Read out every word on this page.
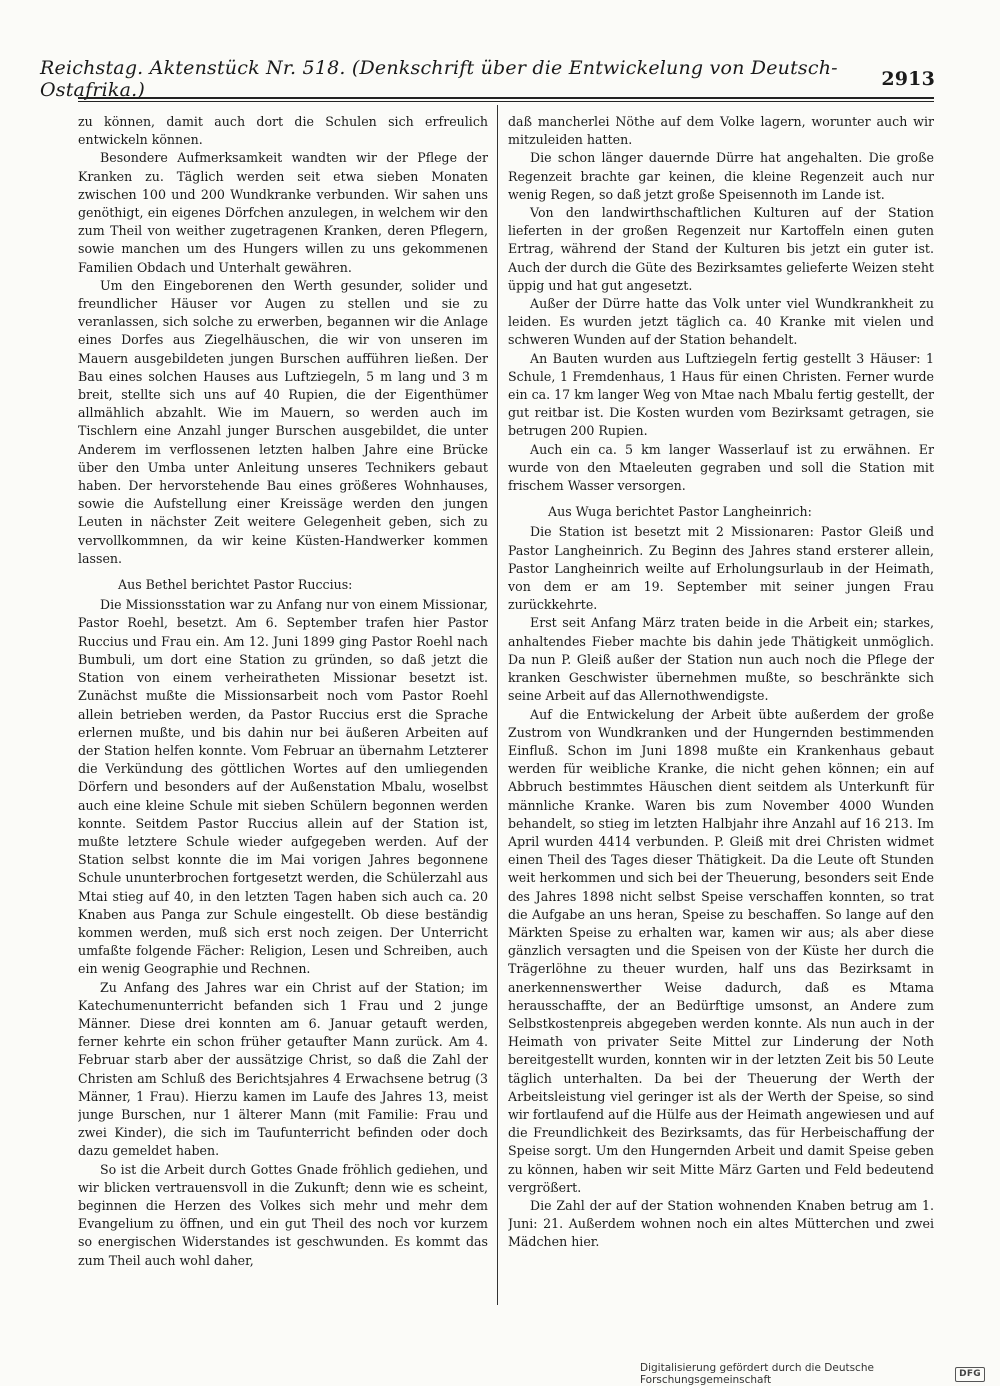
Reichstag. Aktenstück Nr. 518. (Denkschrift über die Entwickelung von Deutsch-Ostafrika.)	2913

zu können, damit auch dort die Schulen sich erfreulich entwickeln können.

Besondere Aufmerksamkeit wandten wir der Pflege der Kranken zu. Täglich werden seit etwa sieben Monaten zwischen 100 und 200 Wundkranke verbunden. Wir sahen uns genöthigt, ein eigenes Dörfchen anzulegen, in welchem wir den zum Theil von weither zugetragenen Kranken, deren Pflegern, sowie manchen um des Hungers willen zu uns gekommenen Familien Obdach und Unterhalt gewähren.

Um den Eingeborenen den Werth gesunder, solider und freundlicher Häuser vor Augen zu stellen und sie zu veranlassen, sich solche zu erwerben, begannen wir die Anlage eines Dorfes aus Ziegelhäuschen, die wir von unseren im Mauern ausgebildeten jungen Burschen aufführen ließen. Der Bau eines solchen Hauses aus Luftziegeln, 5 m lang und 3 m breit, stellte sich uns auf 40 Rupien, die der Eigenthümer allmählich abzahlt. Wie im Mauern, so werden auch im Tischlern eine Anzahl junger Burschen ausgebildet, die unter Anderem im verflossenen letzten halben Jahre eine Brücke über den Umba unter Anleitung unseres Technikers gebaut haben. Der hervorstehende Bau eines größeres Wohnhauses, sowie die Aufstellung einer Kreissäge werden den jungen Leuten in nächster Zeit weitere Gelegenheit geben, sich zu vervollkommnen, da wir keine Küsten-Handwerker kommen lassen.

Aus Bethel berichtet Pastor Ruccius:

Die Missionsstation war zu Anfang nur von einem Missionar, Pastor Roehl, besetzt. Am 6. September trafen hier Pastor Ruccius und Frau ein. Am 12. Juni 1899 ging Pastor Roehl nach Bumbuli, um dort eine Station zu gründen, so daß jetzt die Station von einem verheiratheten Missionar besetzt ist. Zunächst mußte die Missionsarbeit noch vom Pastor Roehl allein betrieben werden, da Pastor Ruccius erst die Sprache erlernen mußte, und bis dahin nur bei äußeren Arbeiten auf der Station helfen konnte. Vom Februar an übernahm Letzterer die Verkündung des göttlichen Wortes auf den umliegenden Dörfern und besonders auf der Außenstation Mbalu, woselbst auch eine kleine Schule mit sieben Schülern begonnen werden konnte. Seitdem Pastor Ruccius allein auf der Station ist, mußte letztere Schule wieder aufgegeben werden. Auf der Station selbst konnte die im Mai vorigen Jahres begonnene Schule ununterbrochen fortgesetzt werden, die Schülerzahl aus Mtai stieg auf 40, in den letzten Tagen haben sich auch ca. 20 Knaben aus Panga zur Schule eingestellt. Ob diese beständig kommen werden, muß sich erst noch zeigen. Der Unterricht umfaßte folgende Fächer: Religion, Lesen und Schreiben, auch ein wenig Geographie und Rechnen.

Zu Anfang des Jahres war ein Christ auf der Station; im Katechumenunterricht befanden sich 1 Frau und 2 junge Männer. Diese drei konnten am 6. Januar getauft werden, ferner kehrte ein schon früher getaufter Mann zurück. Am 4. Februar starb aber der aussätzige Christ, so daß die Zahl der Christen am Schluß des Berichtsjahres 4 Erwachsene betrug (3 Männer, 1 Frau). Hierzu kamen im Laufe des Jahres 13, meist junge Burschen, nur 1 älterer Mann (mit Familie: Frau und zwei Kinder), die sich im Taufunterricht befinden oder doch dazu gemeldet haben.

So ist die Arbeit durch Gottes Gnade fröhlich gediehen, und wir blicken vertrauensvoll in die Zukunft; denn wie es scheint, beginnen die Herzen des Volkes sich mehr und mehr dem Evangelium zu öffnen, und ein gut Theil des noch vor kurzem so energischen Widerstandes ist geschwunden. Es kommt das zum Theil auch wohl daher,

daß mancherlei Nöthe auf dem Volke lagern, worunter auch wir mitzuleiden hatten.

Die schon länger dauernde Dürre hat angehalten. Die große Regenzeit brachte gar keinen, die kleine Regenzeit auch nur wenig Regen, so daß jetzt große Speisennoth im Lande ist.

Von den landwirthschaftlichen Kulturen auf der Station lieferten in der großen Regenzeit nur Kartoffeln einen guten Ertrag, während der Stand der Kulturen bis jetzt ein guter ist. Auch der durch die Güte des Bezirksamtes gelieferte Weizen steht üppig und hat gut angesetzt.

Außer der Dürre hatte das Volk unter viel Wundkrankheit zu leiden. Es wurden jetzt täglich ca. 40 Kranke mit vielen und schweren Wunden auf der Station behandelt.

An Bauten wurden aus Luftziegeln fertig gestellt 3 Häuser: 1 Schule, 1 Fremdenhaus, 1 Haus für einen Christen. Ferner wurde ein ca. 17 km langer Weg von Mtae nach Mbalu fertig gestellt, der gut reitbar ist. Die Kosten wurden vom Bezirksamt getragen, sie betrugen 200 Rupien.

Auch ein ca. 5 km langer Wasserlauf ist zu erwähnen. Er wurde von den Mtaeleuten gegraben und soll die Station mit frischem Wasser versorgen.

Aus Wuga berichtet Pastor Langheinrich:

Die Station ist besetzt mit 2 Missionaren: Pastor Gleiß und Pastor Langheinrich. Zu Beginn des Jahres stand ersterer allein, Pastor Langheinrich weilte auf Erholungsurlaub in der Heimath, von dem er am 19. September mit seiner jungen Frau zurückkehrte.

Erst seit Anfang März traten beide in die Arbeit ein; starkes, anhaltendes Fieber machte bis dahin jede Thätigkeit unmöglich. Da nun P. Gleiß außer der Station nun auch noch die Pflege der kranken Geschwister übernehmen mußte, so beschränkte sich seine Arbeit auf das Allernothwendigste.

Auf die Entwickelung der Arbeit übte außerdem der große Zustrom von Wundkranken und der Hungernden bestimmenden Einfluß. Schon im Juni 1898 mußte ein Krankenhaus gebaut werden für weibliche Kranke, die nicht gehen können; ein auf Abbruch bestimmtes Häuschen dient seitdem als Unterkunft für männliche Kranke. Waren bis zum November 4000 Wunden behandelt, so stieg im letzten Halbjahr ihre Anzahl auf 16 213. Im April wurden 4414 verbunden. P. Gleiß mit drei Christen widmet einen Theil des Tages dieser Thätigkeit. Da die Leute oft Stunden weit herkommen und sich bei der Theuerung, besonders seit Ende des Jahres 1898 nicht selbst Speise verschaffen konnten, so trat die Aufgabe an uns heran, Speise zu beschaffen. So lange auf den Märkten Speise zu erhalten war, kamen wir aus; als aber diese gänzlich versagten und die Speisen von der Küste her durch die Trägerlöhne zu theuer wurden, half uns das Bezirksamt in anerkennenswerther Weise dadurch, daß es Mtama herausschaffte, der an Bedürftige umsonst, an Andere zum Selbstkostenpreis abgegeben werden konnte. Als nun auch in der Heimath von privater Seite Mittel zur Linderung der Noth bereitgestellt wurden, konnten wir in der letzten Zeit bis 50 Leute täglich unterhalten. Da bei der Theuerung der Werth der Arbeitsleistung viel geringer ist als der Werth der Speise, so sind wir fortlaufend auf die Hülfe aus der Heimath angewiesen und auf die Freundlichkeit des Bezirksamts, das für Herbeischaffung der Speise sorgt. Um den Hungernden Arbeit und damit Speise geben zu können, haben wir seit Mitte März Garten und Feld bedeutend vergrößert.

Die Zahl der auf der Station wohnenden Knaben betrug am 1. Juni: 21. Außerdem wohnen noch ein altes Mütterchen und zwei Mädchen hier.

Digitalisierung gefördert durch die Deutsche Forschungsgemeinschaft	DFG
